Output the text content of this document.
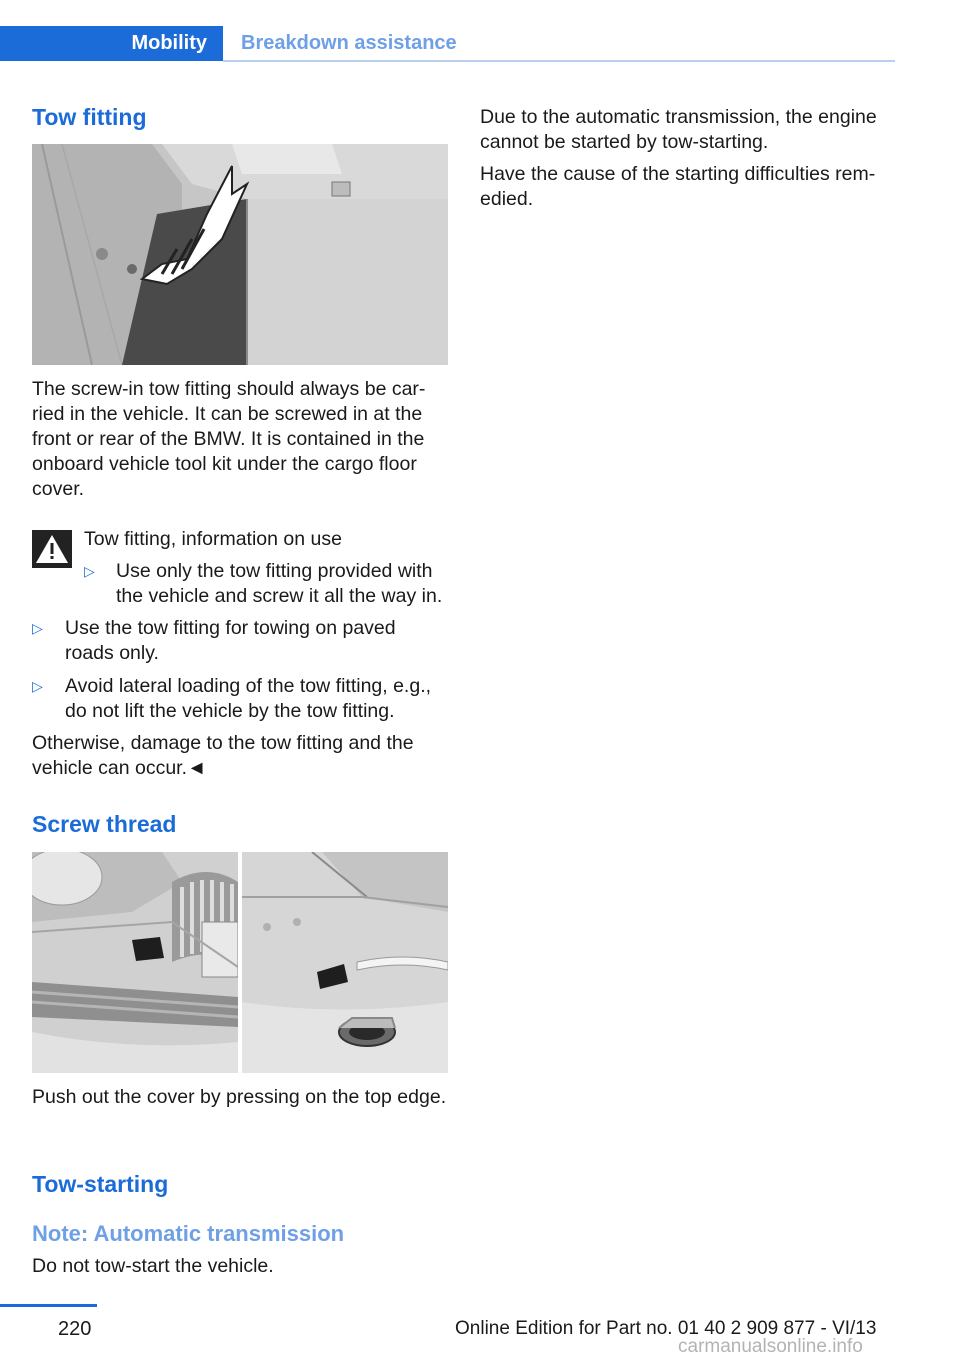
Mobility	Breakdown assistance
Tow fitting

The screw-in tow fitting should always be car-ried in the vehicle. It can be screwed in at the front or rear of the BMW. It is contained in the onboard vehicle tool kit under the cargo floor cover.

Tow fitting, information on use
▷ Use only the tow fitting provided with the vehicle and screw it all the way in.
▷ Use the tow fitting for towing on paved roads only.
▷ Avoid lateral loading of the tow fitting, e.g., do not lift the vehicle by the tow fitting.

Otherwise, damage to the tow fitting and the vehicle can occur.◄

Screw thread

Push out the cover by pressing on the top edge.

Tow-starting
Note: Automatic transmission

Do not tow-start the vehicle.

Due to the automatic transmission, the engine cannot be started by tow-starting.

Have the cause of the starting difficulties rem-edied.

220	Online Edition for Part no. 01 40 2 909 877 - VI/13
carmanualsonline.info
